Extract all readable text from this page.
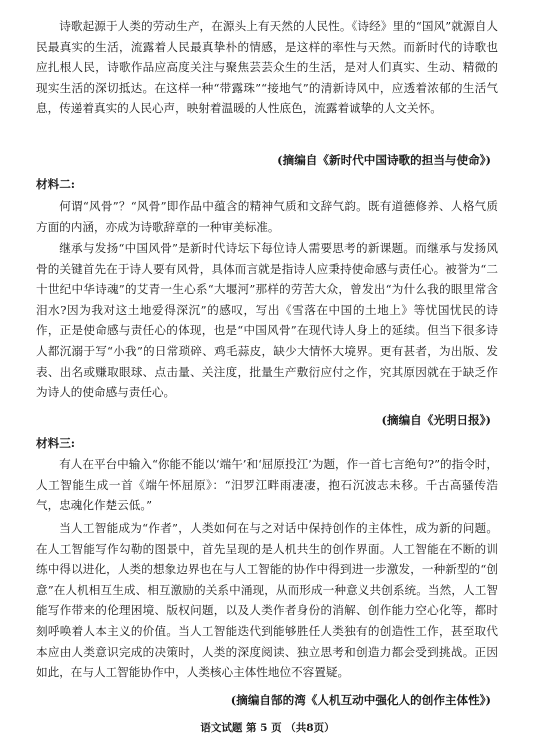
诗歌起源于人类的劳动生产，在源头上有天然的人民性。《诗经》里的“国风”就源自人民最真实的生活，流露着人民最真挚朴的情感，是这样的率性与天然。而新时代的诗歌也应扎根人民，诗歌作品应高度关注与聚焦芸芸众生的生活，是对人们真实、生动、精微的现实生活的深切抵达。在这样一种“带露珠”“接地气”的清新诗风中，应透着浓郁的生活气息，传递着真实的人民心声，映射着温暖的人性底色，流露着诚挚的人文关怀。

(摘编自《新时代中国诗歌的担当与使命》)

材料二:

何谓“风骨”？“风骨”即作品中蕴含的精神气质和文辞气韵。既有道德修养、人格气质方面的内涵，亦成为诗歌辞章的一种审美标准。

继承与发扬“中国风骨”是新时代诗坛下每位诗人需要思考的新课题。而继承与发扬风骨的关键首先在于诗人要有风骨，具体而言就是指诗人应秉持使命感与责任心。被誉为“二十世纪中华诗魂”的艾青一生心系“大堰河”那样的劳苦大众，曾发出“为什么我的眼里常含泪水?因为我对这土地爱得深沉”的感叹，写出《雪落在中国的土地上》等忧国忧民的诗作，正是使命感与责任心的体现，也是“中国风骨”在现代诗人身上的延续。但当下很多诗人都沉溺于写“小我”的日常琐碎、鸡毛蒜皮，缺少大情怀大境界。更有甚者，为出版、发表、出名或赚取眼球、点击量、关注度，批量生产敷衍应付之作，究其原因就在于缺乏作为诗人的使命感与责任心。

(摘编自《光明日报》)

材料三:

有人在平台中输入“你能不能以‘端午’和‘屈原投江’为题，作一首七言绝句?”的指令时，人工智能生成一首《端午怀屈原》：“汨罗江畔雨凄凄，抱石沉波志未移。千古高骚传浩气，忠魂化作楚云低。”

当人工智能成为“作者”，人类如何在与之对话中保持创作的主体性，成为新的问题。在人工智能写作勾勒的图景中，首先呈现的是人机共生的创作界面。人工智能在不断的训练中得以进化，人类的想象边界也在与人工智能的协作中得到进一步激发，一种新型的“创意”在人机相互生成、相互激励的关系中涌现，从而形成一种意义共创系统。当然，人工智能写作带来的伦理困境、版权问题，以及人类作者身份的消解、创作能力空心化等，都时刻呼唤着人本主义的价值。当人工智能迭代到能够胜任人类独有的创造性工作，甚至取代本应由人类意识完成的决策时，人类的深度阅读、独立思考和创造力都会受到挑战。正因如此，在与人工智能协作中，人类核心主体性地位不容置疑。

(摘编自郜的湾《人机互动中强化人的创作主体性》)

语文试题 第 5 页 （共8页）
